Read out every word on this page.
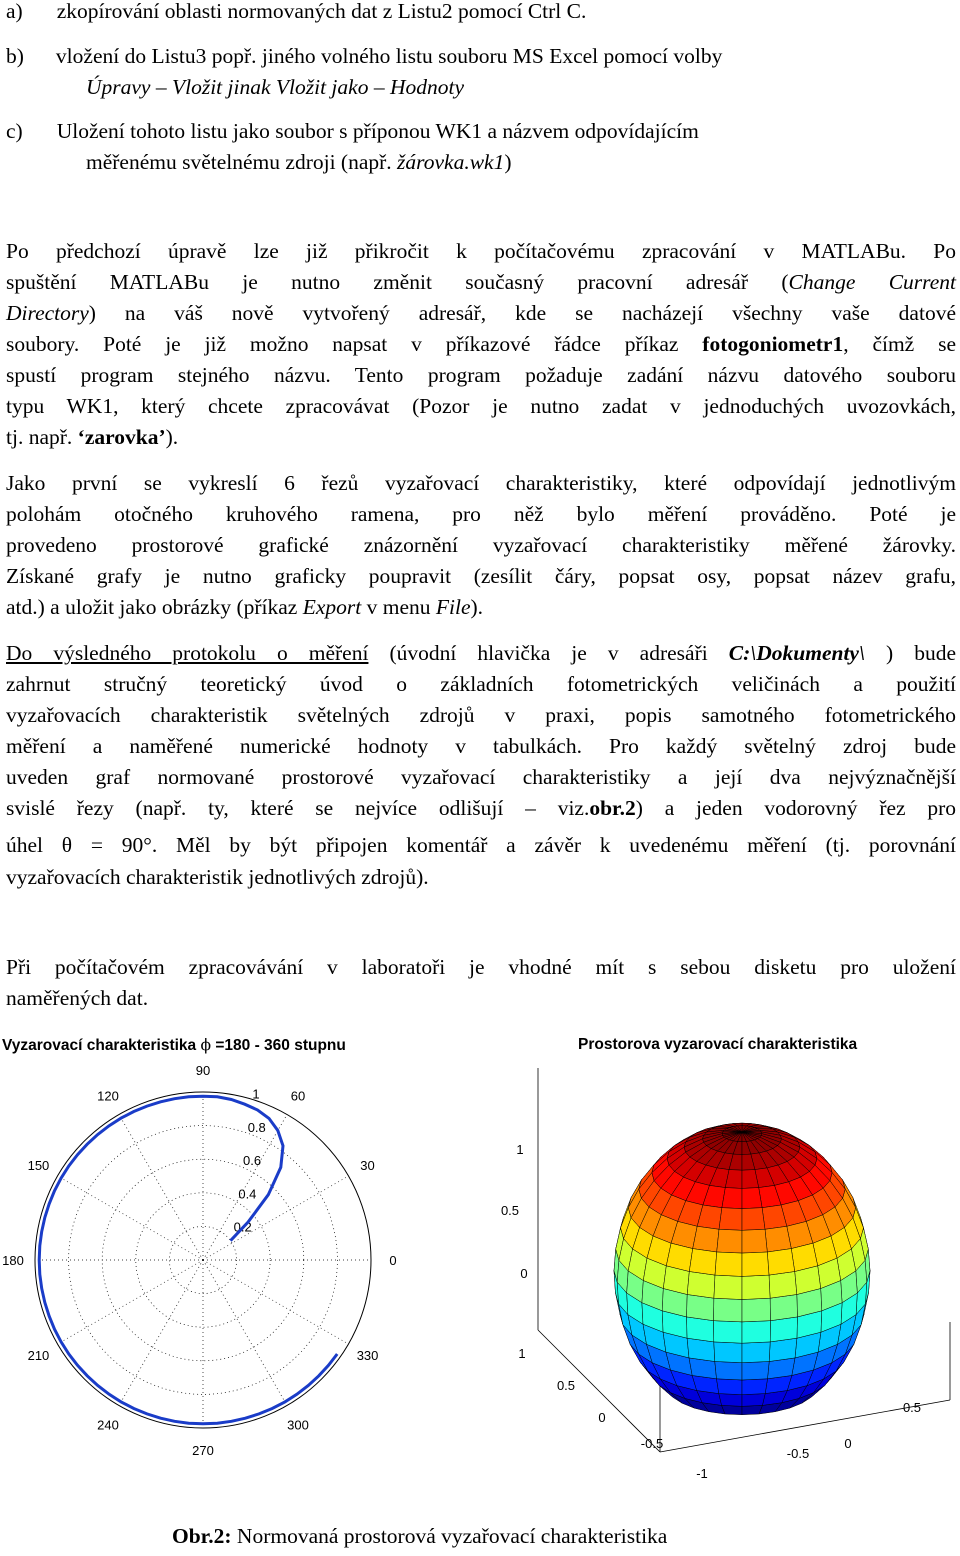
a) zkopírování oblasti normovaných dat z Listu2 pomocí Ctrl C.
b) vložení do Listu3 popř. jiného volného listu souboru MS Excel pomocí volby
Úpravy – Vložit jinak Vložit jako – Hodnoty
c) Uložení tohoto listu jako soubor s příponou WK1 a názvem odpovídajícím
měřenému světelnému zdroji (např. žárovka.wk1)
Po předchozí úpravě lze již přikročit k počítačovému zpracování v MATLABu. Po
spuštění MATLABu je nutno změnit současný pracovní adresář (Change Current
Directory) na váš nově vytvořený adresář, kde se nacházejí všechny vaše datové
soubory. Poté je již možno napsat v příkazové řádce příkaz fotogoniometr1, čímž se
spustí program stejného názvu. Tento program požaduje zadání názvu datového souboru
typu WK1, který chcete zpracovávat (Pozor je nutno zadat v jednoduchých uvozovkách,
tj. např. ‘zarovka’).
Jako první se vykreslí 6 řezů vyzařovací charakteristiky, které odpovídají jednotlivým
polohám otočného kruhového ramena, pro něž bylo měření prováděno. Poté je
provedeno prostorové grafické znázornění vyzařovací charakteristiky měřené žárovky.
Získané grafy je nutno graficky poupravit (zesílit čáry, popsat osy, popsat název grafu,
atd.) a uložit jako obrázky (příkaz Export v menu File).
Do výsledného protokolu o měření (úvodní hlavička je v adresáři C:\Dokumenty\ ) bude
zahrnut stručný teoretický úvod o základních fotometrických veličinách a použití
vyzařovacích charakteristik světelných zdrojů v praxi, popis samotného fotometrického
měření a naměřené numerické hodnoty v tabulkách. Pro každý světelný zdroj bude
uveden graf normované prostorové vyzařovací charakteristiky a její dva nejvýznačnější
svislé řezy (např. ty, které se nejvíce odlišují – viz.obr.2) a jeden vodorovný řez pro
úhel θ = 90°. Měl by být připojen komentář a závěr k uvedenému měření (tj. porovnání
vyzařovacích charakteristik jednotlivých zdrojů).
Při počítačovém zpracovávání v laboratoři je vhodné mít s sebou disketu pro uložení
naměřených dat.
Vyzarovací charakteristika ϕ =180 - 360 stupnu
0
30
60
90
120
150
180
210
240
270
300
330
0.2
0.4
0.6
0.8
1
Prostorova vyzarovací charakteristika
0
0.5
1
-1
-0.5
0
0.5
1
-0.5
0
0.5
Obr.2: Normovaná prostorová vyzařovací charakteristika
